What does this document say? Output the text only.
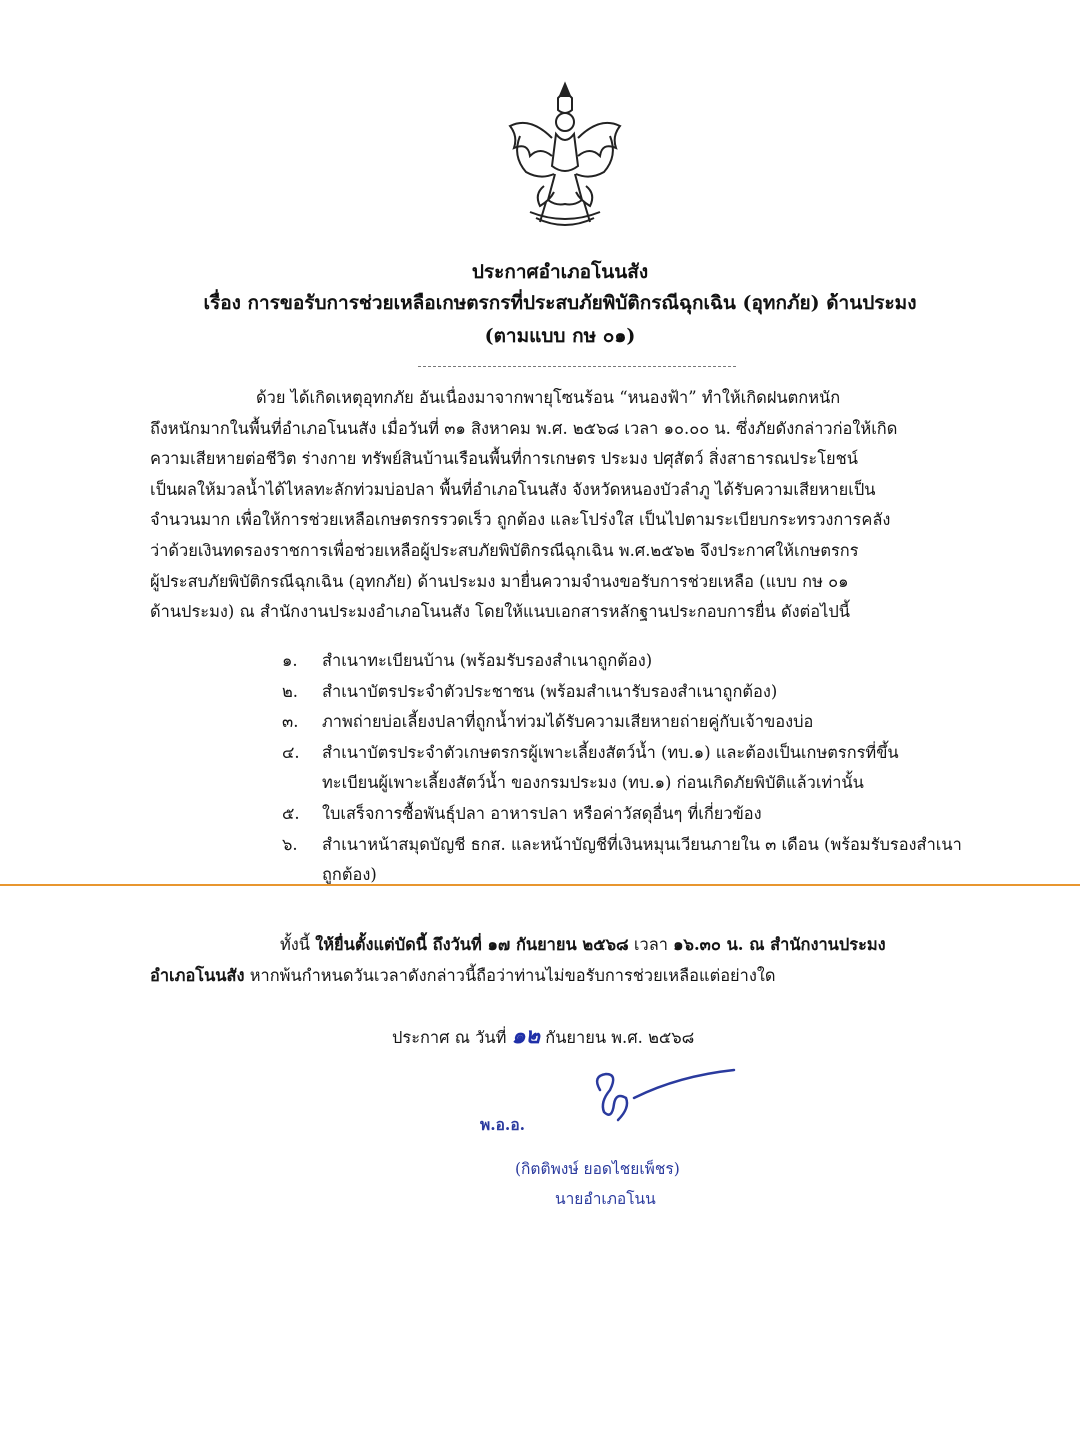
ประกาศอำเภอโนนสัง

เรื่อง การขอรับการช่วยเหลือเกษตรกรที่ประสบภัยพิบัติกรณีฉุกเฉิน (อุทกภัย) ด้านประมง

(ตามแบบ กษ ๐๑)

ด้วย ได้เกิดเหตุอุทกภัย อันเนื่องมาจากพายุโซนร้อน “หนองฟ้า” ทำให้เกิดฝนตกหนัก
ถึงหนักมากในพื้นที่อำเภอโนนสัง เมื่อวันที่ ๓๑ สิงหาคม พ.ศ. ๒๕๖๘ เวลา ๑๐.๐๐ น. ซึ่งภัยดังกล่าวก่อให้เกิด
ความเสียหายต่อชีวิต ร่างกาย ทรัพย์สินบ้านเรือนพื้นที่การเกษตร ประมง ปศุสัตว์ สิ่งสาธารณประโยชน์
เป็นผลให้มวลน้ำได้ไหลทะลักท่วมบ่อปลา พื้นที่อำเภอโนนสัง จังหวัดหนองบัวลำภู ได้รับความเสียหายเป็น
จำนวนมาก เพื่อให้การช่วยเหลือเกษตรกรรวดเร็ว ถูกต้อง และโปร่งใส เป็นไปตามระเบียบกระทรวงการคลัง
ว่าด้วยเงินทดรองราชการเพื่อช่วยเหลือผู้ประสบภัยพิบัติกรณีฉุกเฉิน พ.ศ.๒๕๖๒ จึงประกาศให้เกษตรกร
ผู้ประสบภัยพิบัติกรณีฉุกเฉิน (อุทกภัย) ด้านประมง มายื่นความจำนงขอรับการช่วยเหลือ (แบบ กษ ๐๑
ด้านประมง) ณ สำนักงานประมงอำเภอโนนสัง โดยให้แนบเอกสารหลักฐานประกอบการยื่น ดังต่อไปนี้
๑. สำเนาทะเบียนบ้าน (พร้อมรับรองสำเนาถูกต้อง)
๒. สำเนาบัตรประจำตัวประชาชน (พร้อมสำเนารับรองสำเนาถูกต้อง)
๓. ภาพถ่ายบ่อเลี้ยงปลาที่ถูกน้ำท่วมได้รับความเสียหายถ่ายคู่กับเจ้าของบ่อ
๔. สำเนาบัตรประจำตัวเกษตรกรผู้เพาะเลี้ยงสัตว์น้ำ (ทบ.๑) และต้องเป็นเกษตรกรที่ขึ้น
ทะเบียนผู้เพาะเลี้ยงสัตว์น้ำ ของกรมประมง (ทบ.๑) ก่อนเกิดภัยพิบัติแล้วเท่านั้น
๕. ใบเสร็จการซื้อพันธุ์ปลา อาหารปลา หรือค่าวัสดุอื่นๆ ที่เกี่ยวข้อง
๖. สำเนาหน้าสมุดบัญชี ธกส. และหน้าบัญชีที่เงินหมุนเวียนภายใน ๓ เดือน (พร้อมรับรองสำเนา
ถูกต้อง)
ทั้งนี้ ให้ยื่นตั้งแต่บัดนี้ ถึงวันที่ ๑๗ กันยายน ๒๕๖๘ เวลา ๑๖.๓๐ น. ณ สำนักงานประมง
อำเภอโนนสัง หากพ้นกำหนดวันเวลาดังกล่าวนี้ถือว่าท่านไม่ขอรับการช่วยเหลือแต่อย่างใด
ประกาศ ณ วันที่ ๑๒ กันยายน พ.ศ. ๒๕๖๘
พ.อ.อ.
(กิตติพงษ์ ยอดไชยเพ็ชร)
นายอำเภอโนน
